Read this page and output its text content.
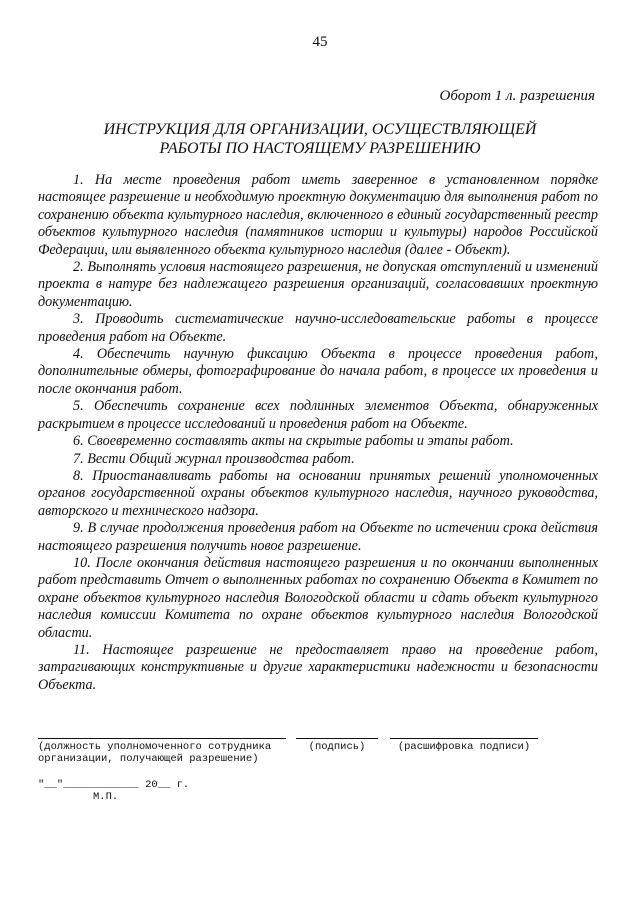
45
Оборот 1 л. разрешения
ИНСТРУКЦИЯ ДЛЯ ОРГАНИЗАЦИИ, ОСУЩЕСТВЛЯЮЩЕЙ
РАБОТЫ ПО НАСТОЯЩЕМУ РАЗРЕШЕНИЮ

1. На месте проведения работ иметь заверенное в установленном порядке настоящее разрешение и необходимую проектную документацию для выполнения работ по сохранению объекта культурного наследия, включенного в единый государственный реестр объектов культурного наследия (памятников истории и культуры) народов Российской Федерации, или выявленного объекта культурного наследия (далее - Объект).

2. Выполнять условия настоящего разрешения, не допуская отступлений и изменений проекта в натуре без надлежащего разрешения организаций, согласовавших проектную документацию.

3. Проводить систематические научно-исследовательские работы в процессе проведения работ на Объекте.

4. Обеспечить научную фиксацию Объекта в процессе проведения работ, дополнительные обмеры, фотографирование до начала работ, в процессе их проведения и после окончания работ.

5. Обеспечить сохранение всех подлинных элементов Объекта, обнаруженных раскрытием в процессе исследований и проведения работ на Объекте.

6. Своевременно составлять акты на скрытые работы и этапы работ.

7. Вести Общий журнал производства работ.

8. Приостанавливать работы на основании принятых решений уполномоченных органов государственной охраны объектов культурного наследия, научного руководства, авторского и технического надзора.

9. В случае продолжения проведения работ на Объекте по истечении срока действия настоящего разрешения получить новое разрешение.

10. После окончания действия настоящего разрешения и по окончании выполненных работ представить Отчет о выполненных работах по сохранению Объекта в Комитет по охране объектов культурного наследия Вологодской области и сдать объект культурного наследия комиссии Комитета по охране объектов культурного наследия Вологодской области.

11. Настоящее разрешение не предоставляет право на проведение работ, затрагивающих конструктивные и другие характеристики надежности и безопасности Объекта.

(должность уполномоченного сотрудника организации, получающей разрешение)
(подпись)	(расшифровка подписи)
"__"____________ 20__ г.
М.П.
